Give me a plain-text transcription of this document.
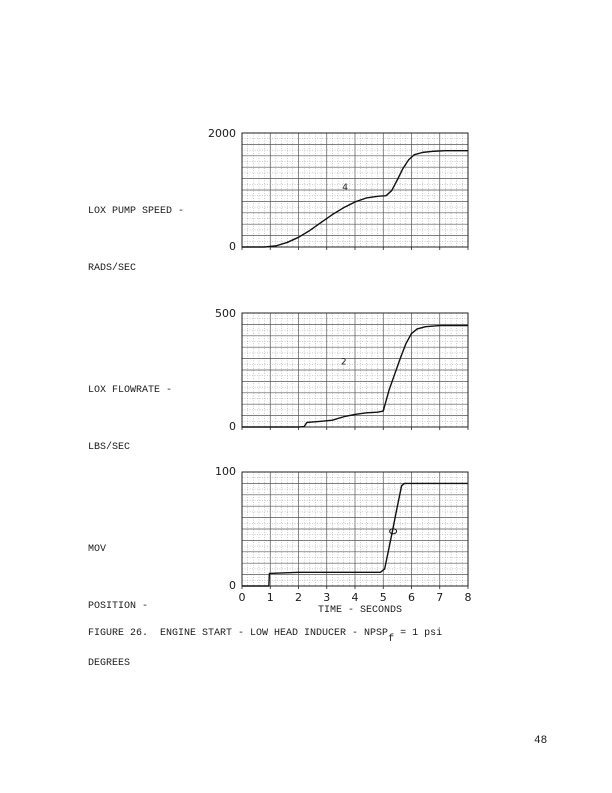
LOX PUMP SPEED -

RADS/SEC

2000
0
4

LOX FLOWRATE -

LBS/SEC

500
0
2

MOV

POSITION -

DEGREES

100
0
0	1	2	3	4	5	6	7	8
TIME - SECONDS
FIGURE 26.  ENGINE START - LOW HEAD INDUCER - $NPSP_f = 1$ psi
48
